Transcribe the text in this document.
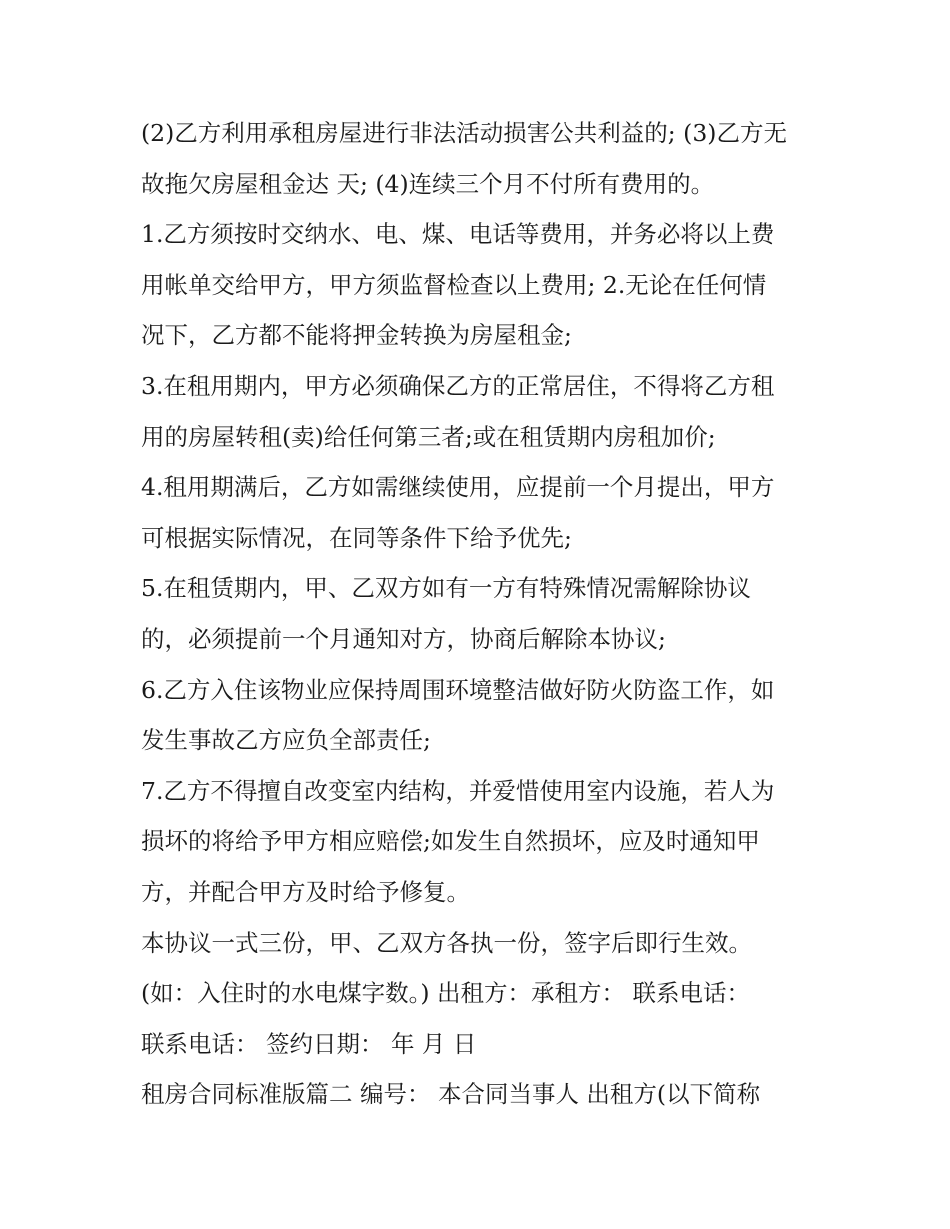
(2)乙方利用承租房屋进行非法活动损害公共利益的; (3)乙方无
故拖欠房屋租金达 天; (4)连续三个月不付所有费用的。
1.乙方须按时交纳水、电、煤、电话等费用，并务必将以上费
用帐单交给甲方，甲方须监督检查以上费用; 2.无论在任何情
况下，乙方都不能将押金转换为房屋租金;
3.在租用期内，甲方必须确保乙方的正常居住，不得将乙方租
用的房屋转租(卖)给任何第三者;或在租赁期内房租加价;
4.租用期满后，乙方如需继续使用，应提前一个月提出，甲方
可根据实际情况，在同等条件下给予优先;
5.在租赁期内，甲、乙双方如有一方有特殊情况需解除协议
的，必须提前一个月通知对方，协商后解除本协议;
6.乙方入住该物业应保持周围环境整洁做好防火防盗工作，如
发生事故乙方应负全部责任;
7.乙方不得擅自改变室内结构，并爱惜使用室内设施，若人为
损坏的将给予甲方相应赔偿;如发生自然损坏，应及时通知甲
方，并配合甲方及时给予修复。
本协议一式三份，甲、乙双方各执一份，签字后即行生效。
(如：入住时的水电煤字数。) 出租方：承租方： 联系电话：
联系电话： 签约日期： 年 月 日
租房合同标准版篇二 编号： 本合同当事人 出租方(以下简称
